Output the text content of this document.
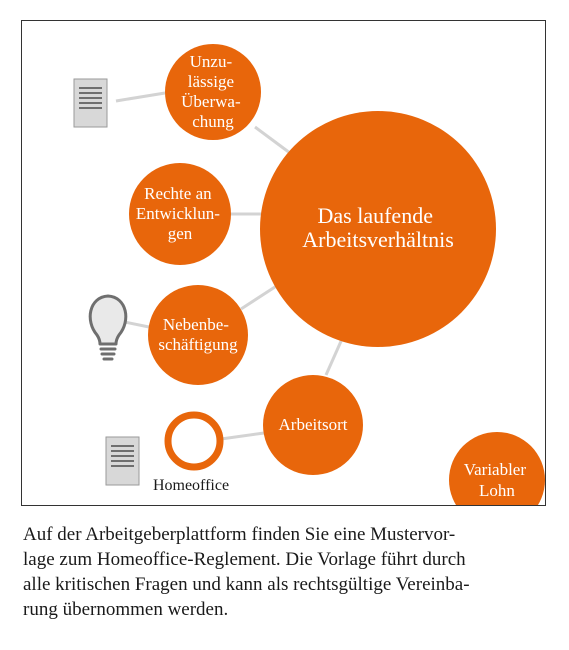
Das laufende Arbeitsverhältnis
Unzu- lässige Überwa- chung
Rechte an Entwicklun- gen
Nebenbe- schäftigung
Arbeitsort
Variabler Lohn
Homeoffice

Auf der Arbeitgeberplattform finden Sie eine Mustervor-
lage zum Homeoffice-Reglement. Die Vorlage führt durch
alle kritischen Fragen und kann als rechtsgültige Vereinba-
rung übernommen werden.
